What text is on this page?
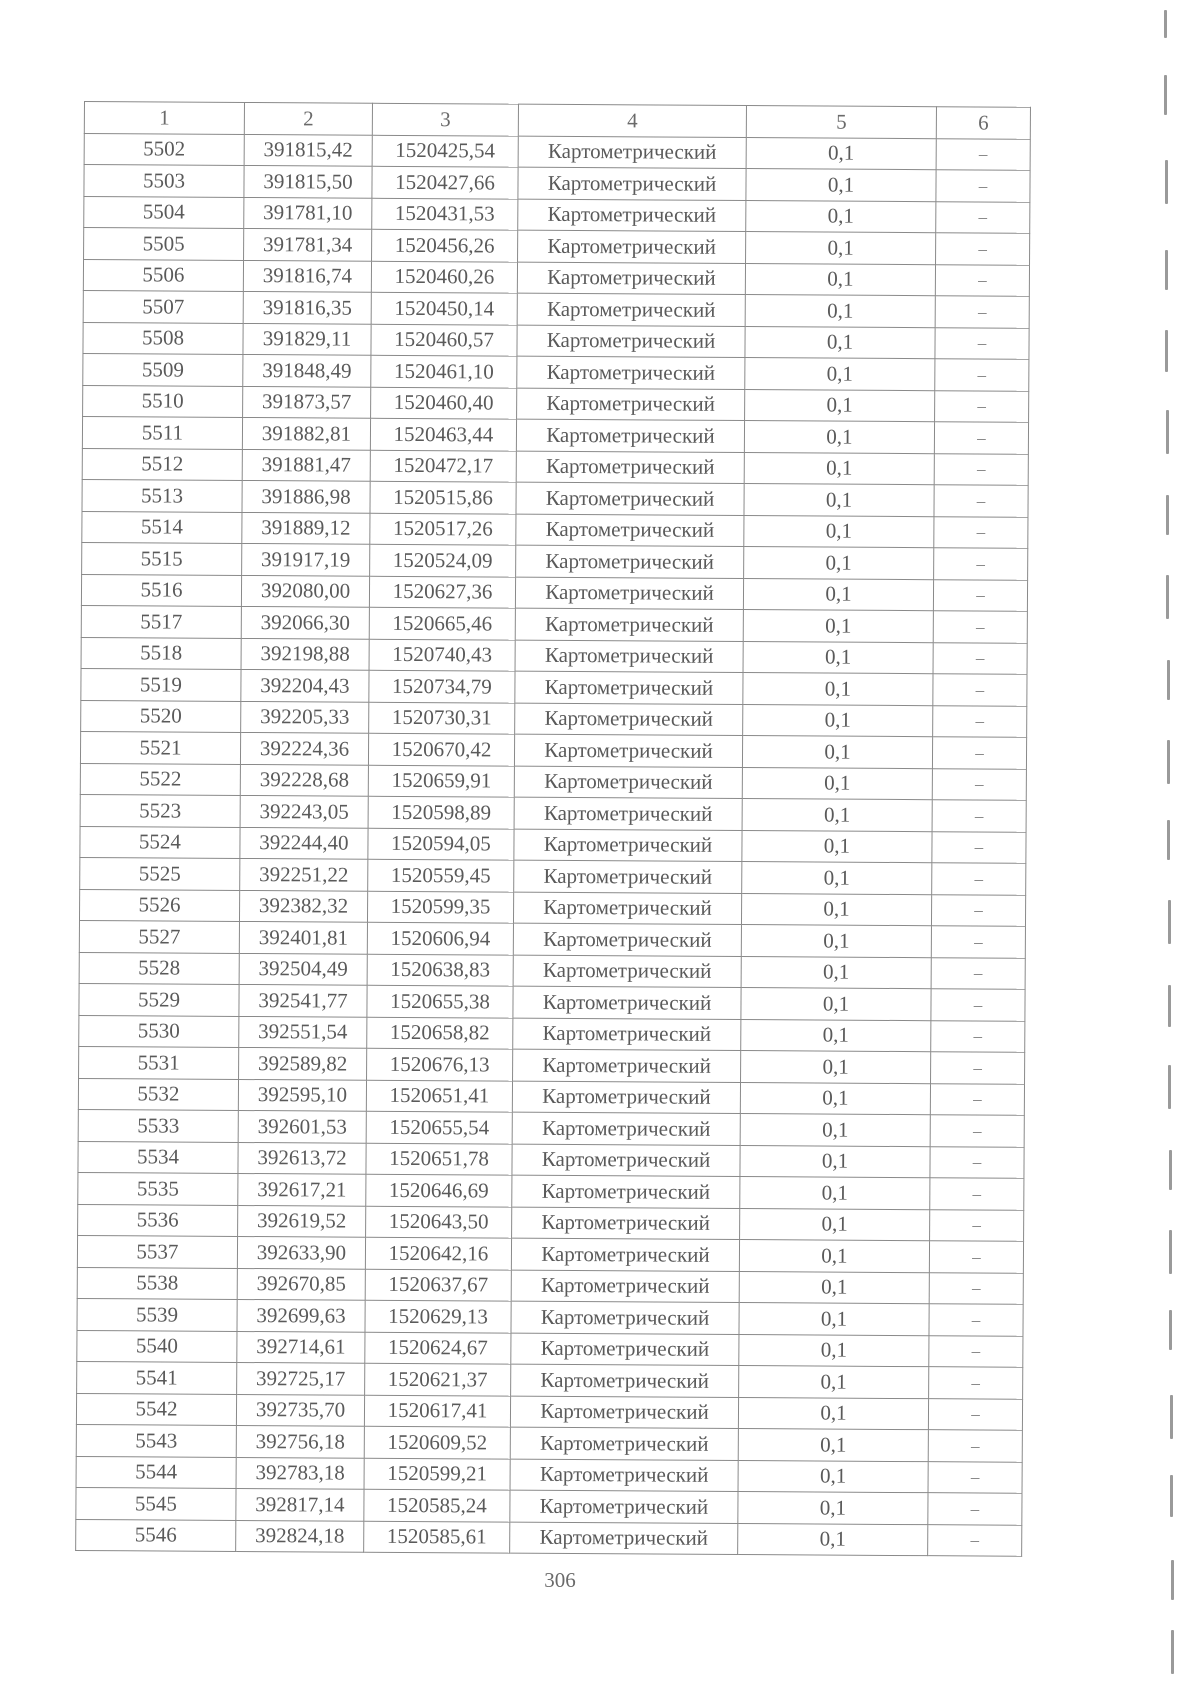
1	2	3	4	5	6
5502	391815,42	1520425,54	Картометрический	0,1	–
5503	391815,50	1520427,66	Картометрический	0,1	–
5504	391781,10	1520431,53	Картометрический	0,1	–
5505	391781,34	1520456,26	Картометрический	0,1	–
5506	391816,74	1520460,26	Картометрический	0,1	–
5507	391816,35	1520450,14	Картометрический	0,1	–
5508	391829,11	1520460,57	Картометрический	0,1	–
5509	391848,49	1520461,10	Картометрический	0,1	–
5510	391873,57	1520460,40	Картометрический	0,1	–
5511	391882,81	1520463,44	Картометрический	0,1	–
5512	391881,47	1520472,17	Картометрический	0,1	–
5513	391886,98	1520515,86	Картометрический	0,1	–
5514	391889,12	1520517,26	Картометрический	0,1	–
5515	391917,19	1520524,09	Картометрический	0,1	–
5516	392080,00	1520627,36	Картометрический	0,1	–
5517	392066,30	1520665,46	Картометрический	0,1	–
5518	392198,88	1520740,43	Картометрический	0,1	–
5519	392204,43	1520734,79	Картометрический	0,1	–
5520	392205,33	1520730,31	Картометрический	0,1	–
5521	392224,36	1520670,42	Картометрический	0,1	–
5522	392228,68	1520659,91	Картометрический	0,1	–
5523	392243,05	1520598,89	Картометрический	0,1	–
5524	392244,40	1520594,05	Картометрический	0,1	–
5525	392251,22	1520559,45	Картометрический	0,1	–
5526	392382,32	1520599,35	Картометрический	0,1	–
5527	392401,81	1520606,94	Картометрический	0,1	–
5528	392504,49	1520638,83	Картометрический	0,1	–
5529	392541,77	1520655,38	Картометрический	0,1	–
5530	392551,54	1520658,82	Картометрический	0,1	–
5531	392589,82	1520676,13	Картометрический	0,1	–
5532	392595,10	1520651,41	Картометрический	0,1	–
5533	392601,53	1520655,54	Картометрический	0,1	–
5534	392613,72	1520651,78	Картометрический	0,1	–
5535	392617,21	1520646,69	Картометрический	0,1	–
5536	392619,52	1520643,50	Картометрический	0,1	–
5537	392633,90	1520642,16	Картометрический	0,1	–
5538	392670,85	1520637,67	Картометрический	0,1	–
5539	392699,63	1520629,13	Картометрический	0,1	–
5540	392714,61	1520624,67	Картометрический	0,1	–
5541	392725,17	1520621,37	Картометрический	0,1	–
5542	392735,70	1520617,41	Картометрический	0,1	–
5543	392756,18	1520609,52	Картометрический	0,1	–
5544	392783,18	1520599,21	Картометрический	0,1	–
5545	392817,14	1520585,24	Картометрический	0,1	–
5546	392824,18	1520585,61	Картометрический	0,1	–
306
